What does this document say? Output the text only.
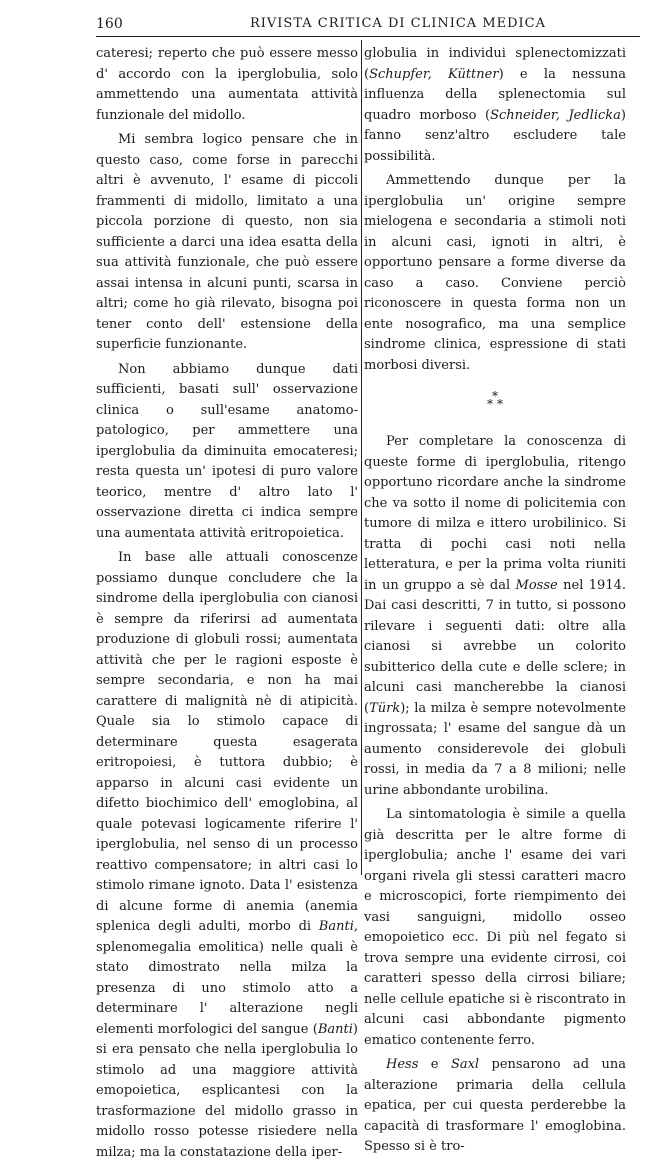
160	RIVISTA CRITICA DI CLINICA MEDICA

cateresi; reperto che può essere messo d' accordo con la iperglobulia, solo ammettendo una aumentata attività funzionale del midollo.

Mi sembra logico pensare che in questo caso, come forse in parecchi altri è avvenuto, l' esame di piccoli frammenti di midollo, limitato a una piccola porzione di questo, non sia sufficiente a darci una idea esatta della sua attività funzionale, che può essere assai intensa in alcuni punti, scarsa in altri; come ho già rilevato, bisogna poi tener conto dell' estensione della superficie funzionante.

Non abbiamo dunque dati sufficienti, basati sull' osservazione clinica o sull'esame anatomo-patologico, per ammettere una iperglobulia da diminuita emocateresi; resta questa un' ipotesi di puro valore teorico, mentre d' altro lato l' osservazione diretta ci indica sempre una aumentata attività eritropoietica.

In base alle attuali conoscenze possiamo dunque concludere che la sindrome della iperglobulia con cianosi è sempre da riferirsi ad aumentata produzione di globuli rossi; aumentata attività che per le ragioni esposte è sempre secondaria, e non ha mai carattere di malignità nè di atipicità. Quale sia lo stimolo capace di determinare questa esagerata eritropoiesi, è tuttora dubbio; è apparso in alcuni casi evidente un difetto biochimico dell' emoglobina, al quale potevasi logicamente riferire l' iperglobulia, nel senso di un processo reattivo compensatore; in altri casi lo stimolo rimane ignoto. Data l' esistenza di alcune forme di anemia (anemia splenica degli adulti, morbo di Banti, splenomegalia emolitica) nelle quali è stato dimostrato nella milza la presenza di uno stimolo atto a determinare l' alterazione negli elementi morfologici del sangue (Banti) si era pensato che nella iperglobulia lo stimolo ad una maggiore attività emopoietica, esplicantesi con la trasformazione del midollo grasso in midollo rosso potesse risiedere nella milza; ma la constatazione della iper-

globulia in individui splenectomizzati (Schupfer, Küttner) e la nessuna influenza della splenectomia sul quadro morboso (Schneider, Jedlicka) fanno senz'altro escludere tale possibilità.

Ammettendo dunque per la iperglobulia un' origine sempre mielogena e secondaria a stimoli noti in alcuni casi, ignoti in altri, è opportuno pensare a forme diverse da caso a caso. Conviene perciò riconoscere in questa forma non un ente nosografico, ma una semplice sindrome clinica, espressione di stati morbosi diversi.

*
* *

Per completare la conoscenza di queste forme di iperglobulia, ritengo opportuno ricordare anche la sindrome che va sotto il nome di policitemia con tumore di milza e ittero urobilinico. Si tratta di pochi casi noti nella letteratura, e per la prima volta riuniti in un gruppo a sè dal Mosse nel 1914. Dai casi descritti, 7 in tutto, si possono rilevare i seguenti dati: oltre alla cianosi si avrebbe un colorito subitterico della cute e delle sclere; in alcuni casi mancherebbe la cianosi (Türk); la milza è sempre notevolmente ingrossata; l' esame del sangue dà un aumento considerevole dei globuli rossi, in media da 7 a 8 milioni; nelle urine abbondante urobilina.

La sintomatologia è simile a quella già descritta per le altre forme di iperglobulia; anche l' esame dei vari organi rivela gli stessi caratteri macro e microscopici, forte riempimento dei vasi sanguigni, midollo osseo emopoietico ecc. Di più nel fegato si trova sempre una evidente cirrosi, coi caratteri spesso della cirrosi biliare; nelle cellule epatiche si è riscontrato in alcuni casi abbondante pigmento ematico contenente ferro.

Hess e Saxl pensarono ad una alterazione primaria della cellula epatica, per cui questa perderebbe la capacità di trasformare l' emoglobina. Spesso si è tro-
